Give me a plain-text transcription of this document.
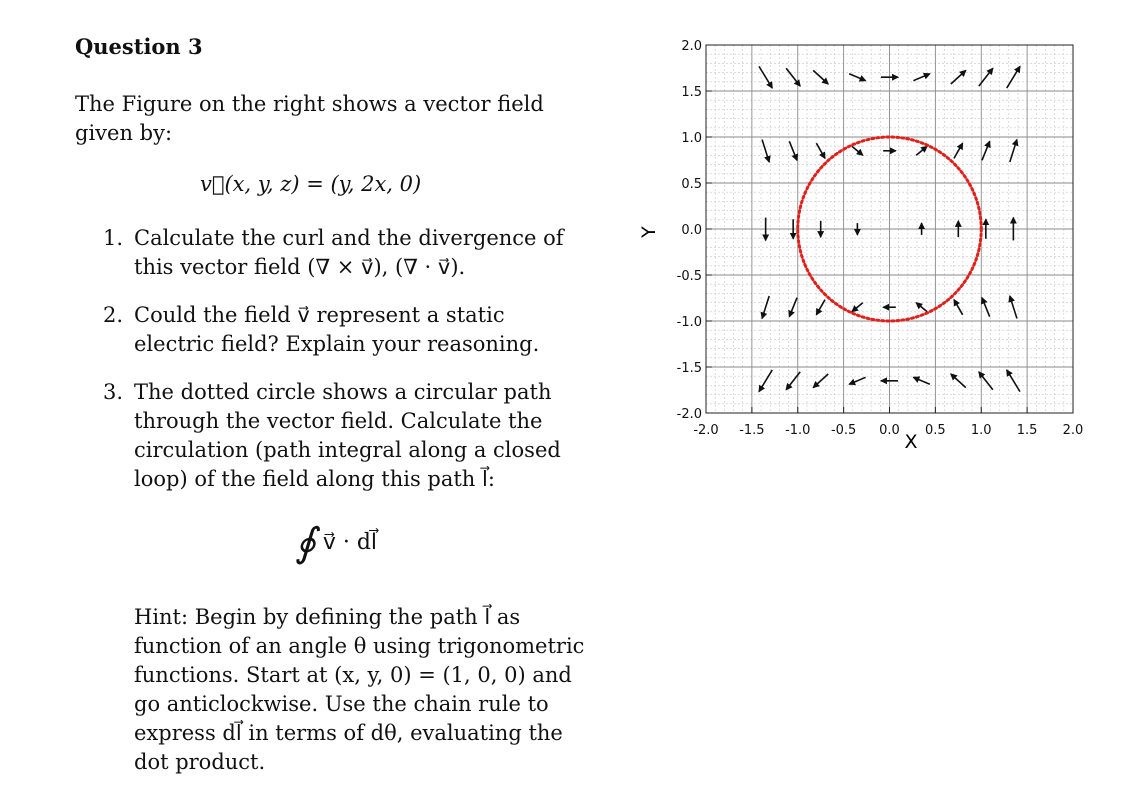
Question 3
The Figure on the right shows a vector field given by:
v⃗(x, y, z) = (y, 2x, 0)
1. Calculate the curl and the divergence of this vector field (∇ × v⃗), (∇ · v⃗).
2. Could the field v⃗ represent a static electric field? Explain your reasoning.
3. The dotted circle shows a circular path through the vector field. Calculate the circulation (path integral along a closed loop) of the field along this path l⃗:
∮ v⃗ · dl⃗
Hint: Begin by defining the path l⃗ as function of an angle θ using trigonometric functions. Start at (x, y, 0) = (1, 0, 0) and go anticlockwise. Use the chain rule to express dl⃗ in terms of dθ, evaluating the dot product.
2.0
1.5
1.0
0.5
0.0
-0.5
-1.0
-1.5
-2.0
-2.0 -1.5 -1.0 -0.5 0.0 0.5 1.0 1.5 2.0
X
Y
